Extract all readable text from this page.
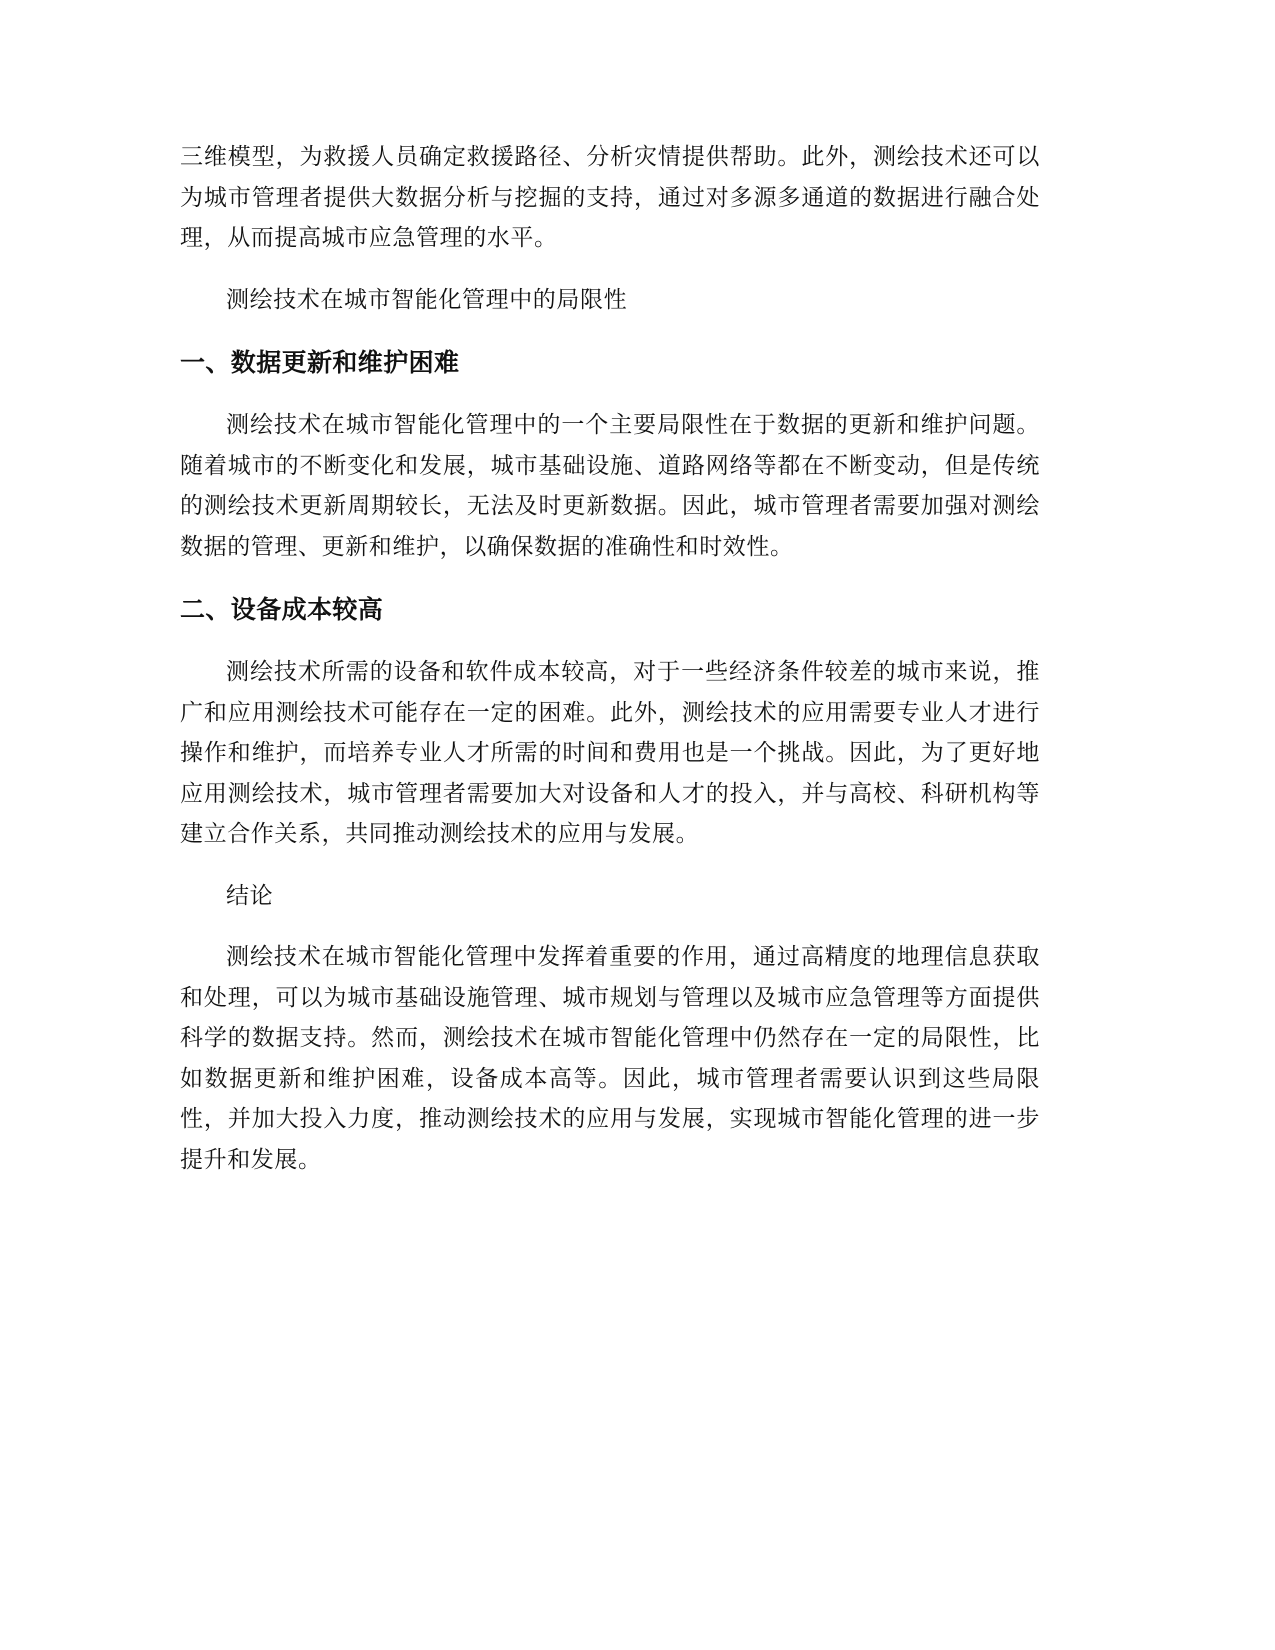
三维模型，为救援人员确定救援路径、分析灾情提供帮助。此外，测绘技术还可以为城市管理者提供大数据分析与挖掘的支持，通过对多源多通道的数据进行融合处理，从而提高城市应急管理的水平。

测绘技术在城市智能化管理中的局限性

一、数据更新和维护困难

测绘技术在城市智能化管理中的一个主要局限性在于数据的更新和维护问题。随着城市的不断变化和发展，城市基础设施、道路网络等都在不断变动，但是传统的测绘技术更新周期较长，无法及时更新数据。因此，城市管理者需要加强对测绘数据的管理、更新和维护，以确保数据的准确性和时效性。

二、设备成本较高

测绘技术所需的设备和软件成本较高，对于一些经济条件较差的城市来说，推广和应用测绘技术可能存在一定的困难。此外，测绘技术的应用需要专业人才进行操作和维护，而培养专业人才所需的时间和费用也是一个挑战。因此，为了更好地应用测绘技术，城市管理者需要加大对设备和人才的投入，并与高校、科研机构等建立合作关系，共同推动测绘技术的应用与发展。

结论

测绘技术在城市智能化管理中发挥着重要的作用，通过高精度的地理信息获取和处理，可以为城市基础设施管理、城市规划与管理以及城市应急管理等方面提供科学的数据支持。然而，测绘技术在城市智能化管理中仍然存在一定的局限性，比如数据更新和维护困难，设备成本高等。因此，城市管理者需要认识到这些局限性，并加大投入力度，推动测绘技术的应用与发展，实现城市智能化管理的进一步提升和发展。
